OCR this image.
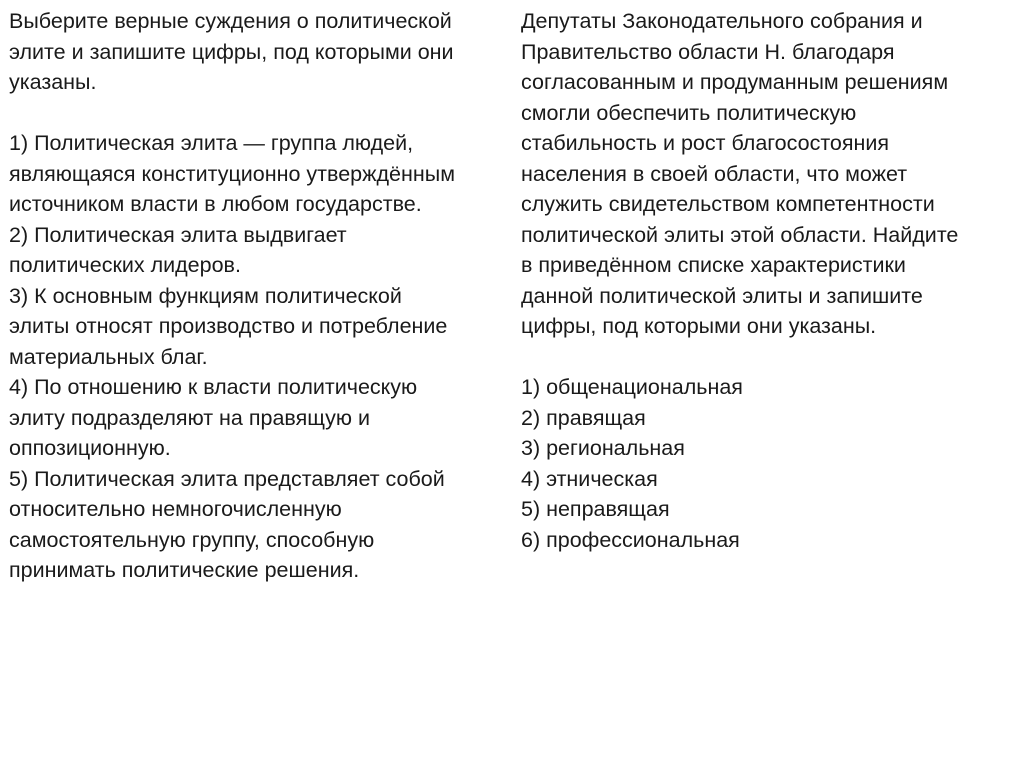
Выберите верные суждения о политической
элите и запишите цифры, под которыми они
указаны.

1) Политическая элита — группа людей,
являющаяся конституционно утверждённым
источником власти в любом государстве.

2) Политическая элита выдвигает
политических лидеров.

3) К основным функциям политической
элиты относят производство и потребление
материальных благ.

4) По отношению к власти политическую
элиту подразделяют на правящую и
оппозиционную.

5) Политическая элита представляет собой
относительно немногочисленную
самостоятельную группу, способную
принимать политические решения.

Депутаты Законодательного собрания и
Правительство области Н. благодаря
согласованным и продуманным решениям
смогли обеспечить политическую
стабильность и рост благосостояния
населения в своей области, что может
служить свидетельством компетентности
политической элиты этой области. Найдите
в приведённом списке характеристики
данной политической элиты и запишите
цифры, под которыми они указаны.

1) общенациональная

2) правящая

3) региональная

4) этническая

5) неправящая

6) профессиональная
